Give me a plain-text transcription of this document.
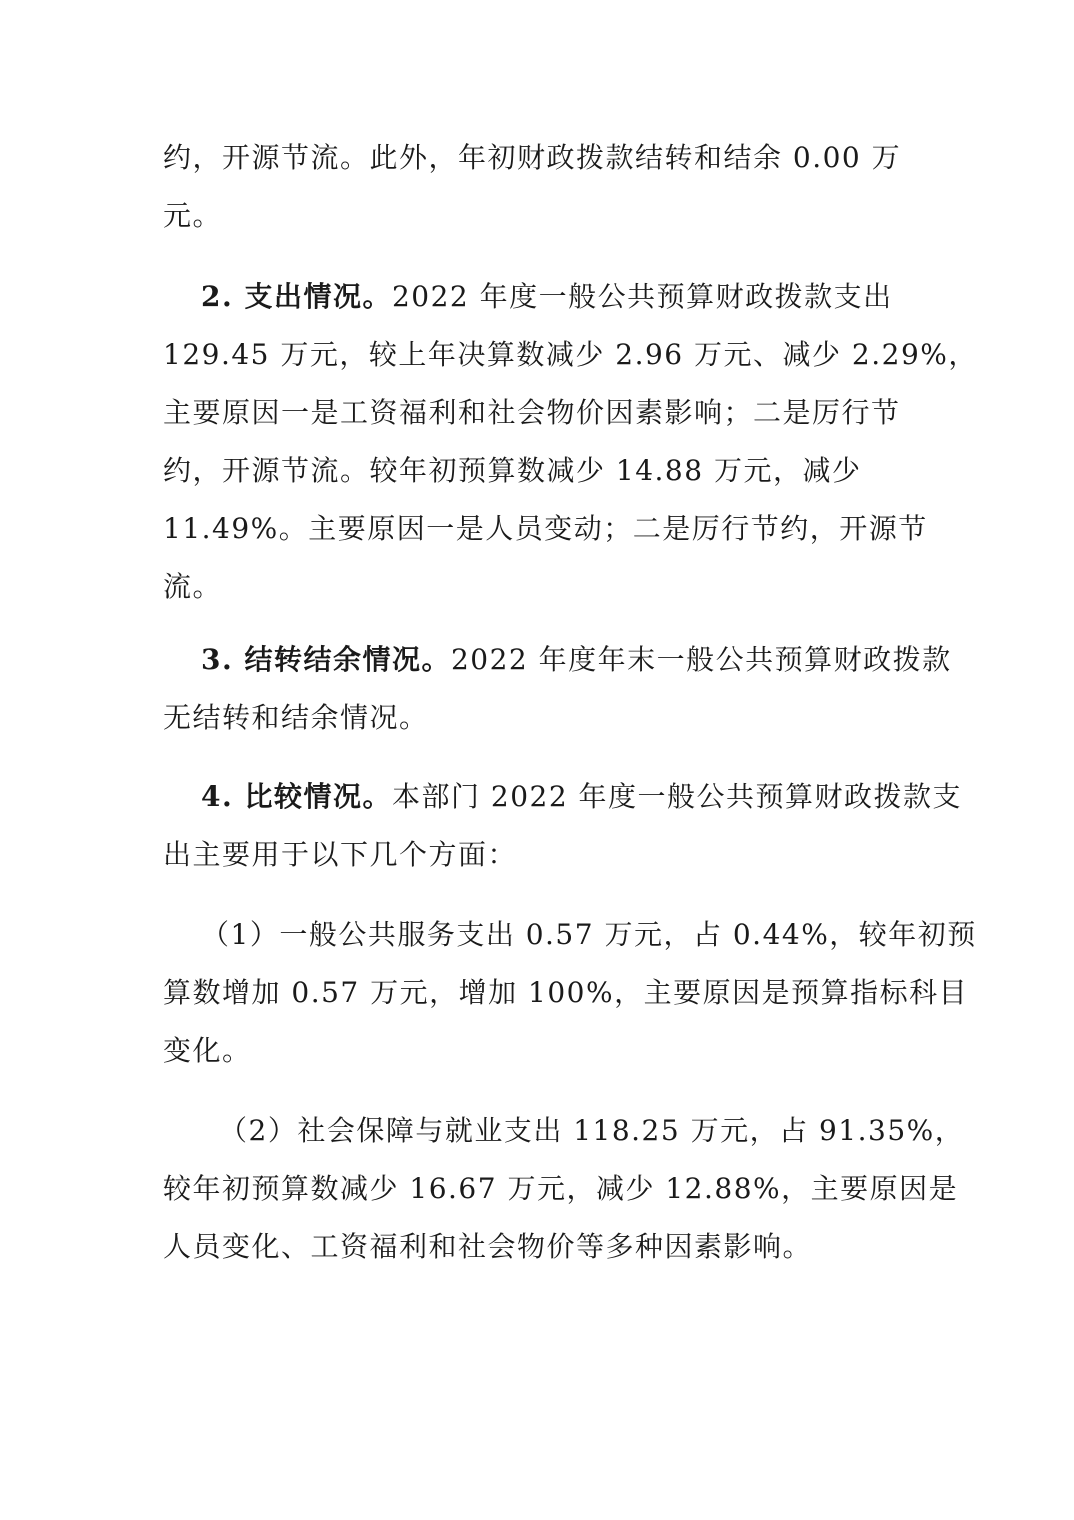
约，开源节流。此外，年初财政拨款结转和结余 0.00 万
元。
2. 支出情况。2022 年度一般公共预算财政拨款支出
129.45 万元，较上年决算数减少 2.96 万元、减少 2.29%，
主要原因一是工资福利和社会物价因素影响；二是厉行节
约，开源节流。较年初预算数减少 14.88 万元，减少
11.49%。主要原因一是人员变动；二是厉行节约，开源节
流。
3. 结转结余情况。2022 年度年末一般公共预算财政拨款
无结转和结余情况。
4. 比较情况。本部门 2022 年度一般公共预算财政拨款支
出主要用于以下几个方面：
（1）一般公共服务支出 0.57 万元，占 0.44%，较年初预
算数增加 0.57 万元，增加 100%，主要原因是预算指标科目
变化。
（2）社会保障与就业支出 118.25 万元，占 91.35%，
较年初预算数减少 16.67 万元，减少 12.88%，主要原因是
人员变化、工资福利和社会物价等多种因素影响。
